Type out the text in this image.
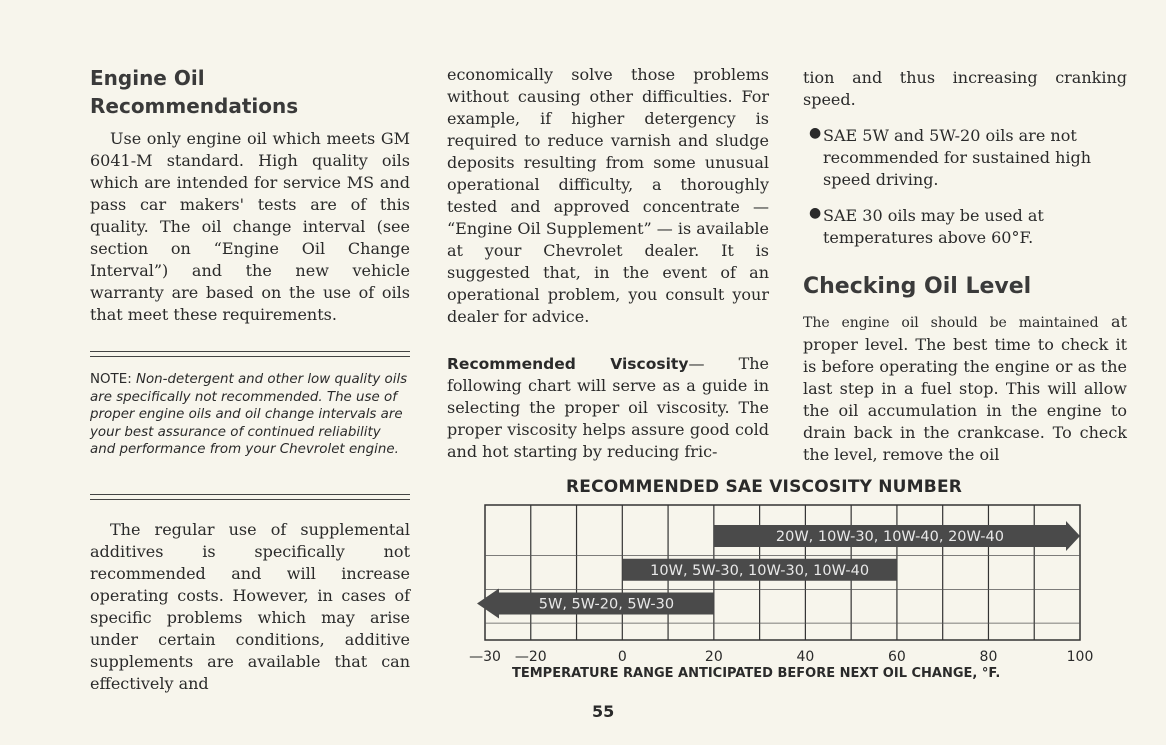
Engine Oil
Recommendations

Use only engine oil which meets GM 6041-M standard. High quality oils which are intended for service MS and pass car makers' tests are of this quality. The oil change interval (see section on “Engine Oil Change Interval”) and the new vehicle warranty are based on the use of oils that meet these requirements.

NOTE: Non-detergent and other low quality oils are specifically not recommended. The use of proper engine oils and oil change intervals are your best assurance of continued reliability and performance from your Chevrolet engine.

The regular use of supplemental additives is specifically not recommended and will increase operating costs. However, in cases of specific problems which may arise under certain conditions, additive supplements are available that can effectively and

economically solve those problems without causing other difficulties. For example, if higher detergency is required to reduce varnish and sludge deposits resulting from some unusual operational difficulty, a thoroughly tested and approved concentrate — “Engine Oil Supplement” — is available at your Chevrolet dealer. It is suggested that, in the event of an operational problem, you consult your dealer for advice.

Recommended Viscosity— The following chart will serve as a guide in selecting the proper oil viscosity. The proper viscosity helps assure good cold and hot starting by reducing fric-

tion and thus increasing cranking speed.

● SAE 5W and 5W-20 oils are not recommended for sustained high speed driving.

● SAE 30 oils may be used at temperatures above 60°F.

Checking Oil Level

The engine oil should be maintained at proper level. The best time to check it is before operating the engine or as the last step in a fuel stop. This will allow the oil accumulation in the engine to drain back in the crankcase. To check the level, remove the oil

RECOMMENDED SAE VISCOSITY NUMBER
20W, 10W-30, 10W-40, 20W-40
10W, 5W-30, 10W-30, 10W-40
5W, 5W-20, 5W-30
—30 —20	0	20	40	60	80	100
TEMPERATURE RANGE ANTICIPATED BEFORE NEXT OIL CHANGE, °F.
55
